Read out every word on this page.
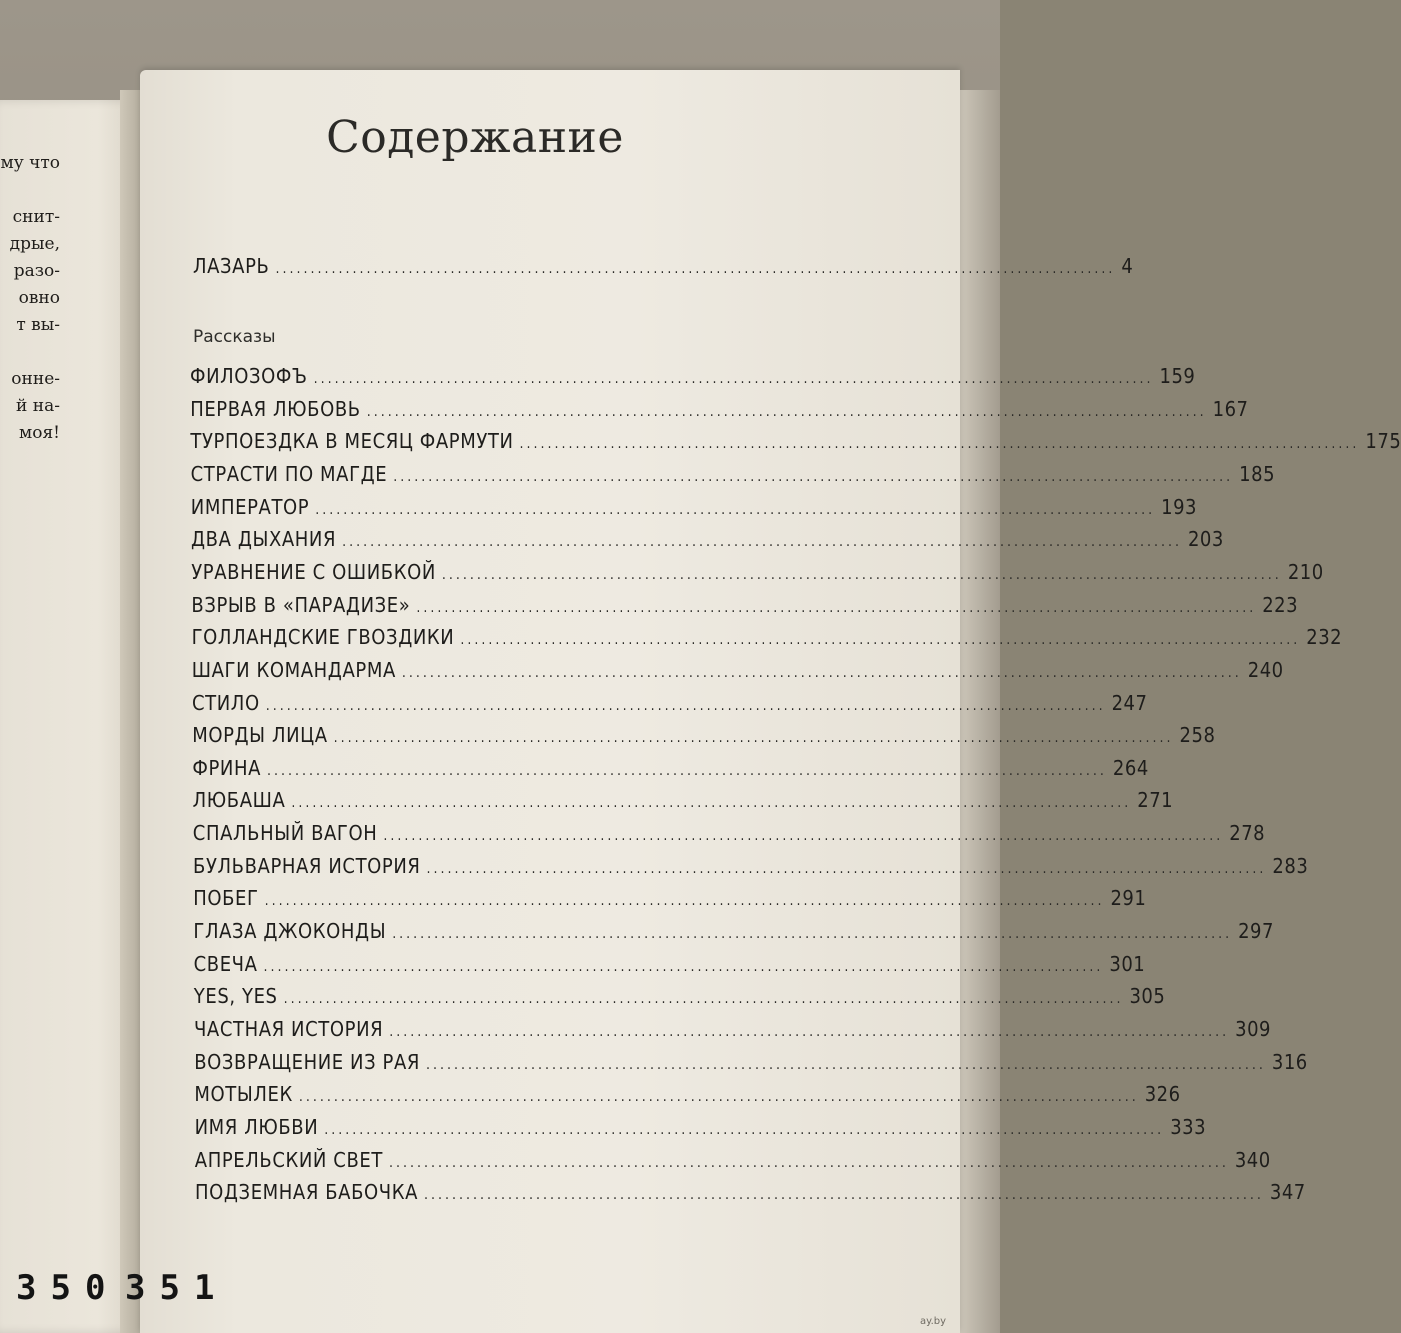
му что
снит-
дрые,
разо-
овно
т вы-
онне-
й на-
моя!
350
Содержание
ЛАЗАРЬ ........................................................................................................................ 4
Рассказы
ФИЛОЗОФЪ ........................................................................................................................ 159
ПЕРВАЯ ЛЮБОВЬ ........................................................................................................................ 167
ТУРПОЕЗДКА В МЕСЯЦ ФАРМУТИ ........................................................................................................................ 175
СТРАСТИ ПО МАГДЕ ........................................................................................................................ 185
ИМПЕРАТОР ........................................................................................................................ 193
ДВА ДЫХАНИЯ ........................................................................................................................ 203
УРАВНЕНИЕ С ОШИБКОЙ ........................................................................................................................ 210
ВЗРЫВ В «ПАРАДИЗЕ» ........................................................................................................................ 223
ГОЛЛАНДСКИЕ ГВОЗДИКИ ........................................................................................................................ 232
ШАГИ КОМАНДАРМА ........................................................................................................................ 240
СТИЛО ........................................................................................................................ 247
МОРДЫ ЛИЦА ........................................................................................................................ 258
ФРИНА ........................................................................................................................ 264
ЛЮБАША ........................................................................................................................ 271
СПАЛЬНЫЙ ВАГОН ........................................................................................................................ 278
БУЛЬВАРНАЯ ИСТОРИЯ ........................................................................................................................ 283
ПОБЕГ ........................................................................................................................ 291
ГЛАЗА ДЖОКОНДЫ ........................................................................................................................ 297
СВЕЧА ........................................................................................................................ 301
YES, YES ........................................................................................................................ 305
ЧАСТНАЯ ИСТОРИЯ ........................................................................................................................ 309
ВОЗВРАЩЕНИЕ ИЗ РАЯ ........................................................................................................................ 316
МОТЫЛЕК ........................................................................................................................ 326
ИМЯ ЛЮБВИ ........................................................................................................................ 333
АПРЕЛЬСКИЙ СВЕТ ........................................................................................................................ 340
ПОДЗЕМНАЯ БАБОЧКА ........................................................................................................................ 347
351
ay.by
